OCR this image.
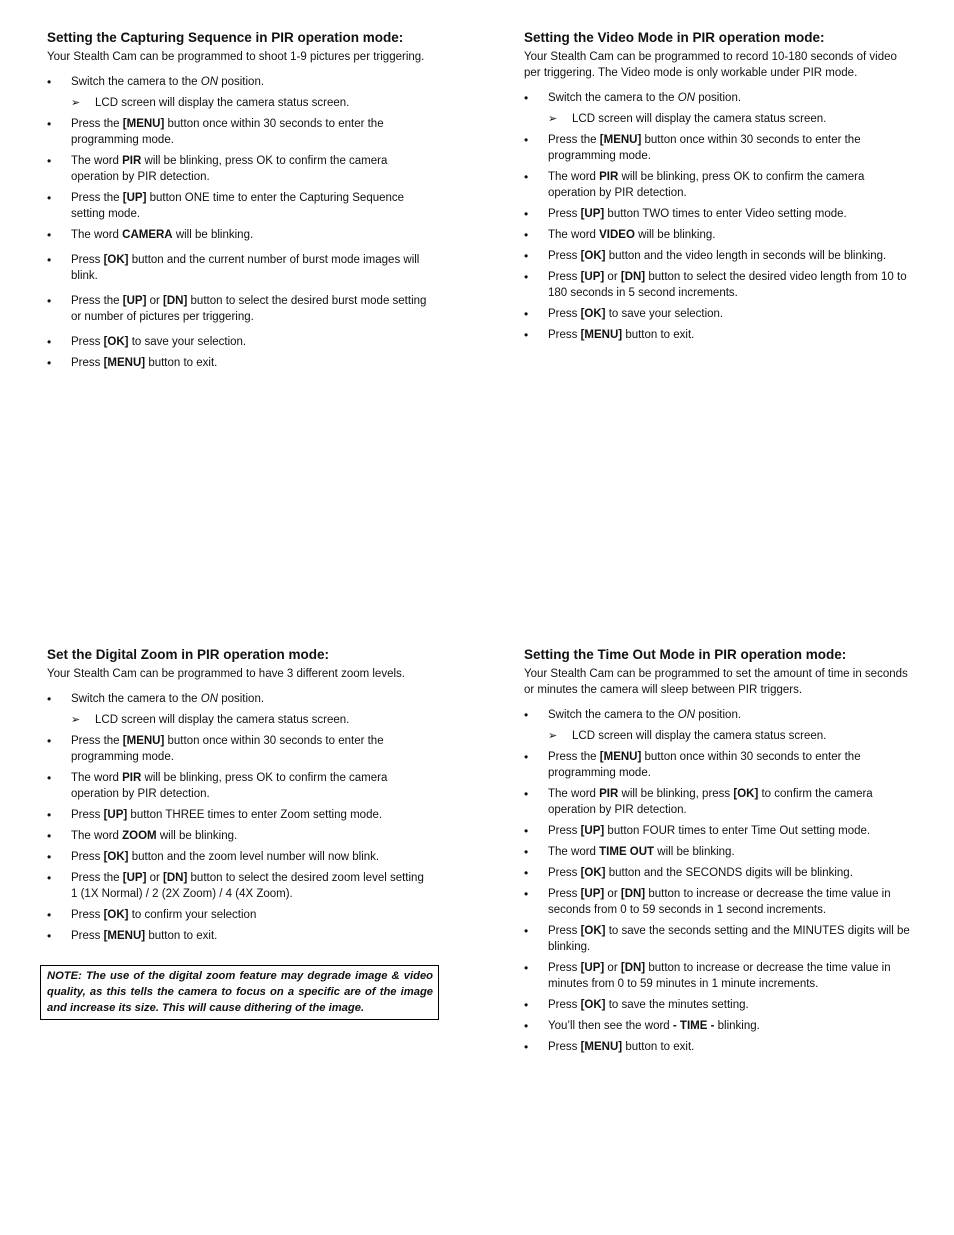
Setting the Capturing Sequence in PIR operation mode:
Your Stealth Cam can be programmed to shoot 1-9 pictures per triggering.
• Switch the camera to the ON position.
➢ LCD screen will display the camera status screen.
• Press the [MENU] button once within 30 seconds to enter the programming mode.
• The word PIR will be blinking, press OK to confirm the camera operation by PIR detection.
• Press the [UP] button ONE time to enter the Capturing Sequence setting mode.
• The word CAMERA will be blinking.
• Press [OK] button and the current number of burst mode images will blink.
• Press the [UP] or [DN] button to select the desired burst mode setting or number of pictures per triggering.
• Press [OK] to save your selection.
• Press [MENU] button to exit.
Setting the Video Mode in PIR operation mode:
Your Stealth Cam can be programmed to record 10-180 seconds of video per triggering. The Video mode is only workable under PIR mode.
• Switch the camera to the ON position.
➢ LCD screen will display the camera status screen.
• Press the [MENU] button once within 30 seconds to enter the programming mode.
• The word PIR will be blinking, press OK to confirm the camera operation by PIR detection.
• Press [UP] button TWO times to enter Video setting mode.
• The word VIDEO will be blinking.
• Press [OK] button and the video length in seconds will be blinking.
• Press [UP] or [DN] button to select the desired video length from 10 to 180 seconds in 5 second increments.
• Press [OK] to save your selection.
• Press [MENU] button to exit.
Set the Digital Zoom in PIR operation mode:
Your Stealth Cam can be programmed to have 3 different zoom levels.
• Switch the camera to the ON position.
➢ LCD screen will display the camera status screen.
• Press the [MENU] button once within 30 seconds to enter the programming mode.
• The word PIR will be blinking, press OK to confirm the camera operation by PIR detection.
• Press [UP] button THREE times to enter Zoom setting mode.
• The word ZOOM will be blinking.
• Press [OK] button and the zoom level number will now blink.
• Press the [UP] or [DN] button to select the desired zoom level setting 1 (1X Normal) / 2 (2X Zoom) / 4 (4X Zoom).
• Press [OK] to confirm your selection
• Press [MENU] button to exit.
NOTE: The use of the digital zoom feature may degrade image & video quality, as this tells the camera to focus on a specific are of the image and increase its size. This will cause dithering of the image.
Setting the Time Out Mode in PIR operation mode:
Your Stealth Cam can be programmed to set the amount of time in seconds or minutes the camera will sleep between PIR triggers.
• Switch the camera to the ON position.
➢ LCD screen will display the camera status screen.
• Press the [MENU] button once within 30 seconds to enter the programming mode.
• The word PIR will be blinking, press [OK] to confirm the camera operation by PIR detection.
• Press [UP] button FOUR times to enter Time Out setting mode.
• The word TIME OUT will be blinking.
• Press [OK] button and the SECONDS digits will be blinking.
• Press [UP] or [DN] button to increase or decrease the time value in seconds from 0 to 59 seconds in 1 second increments.
• Press [OK] to save the seconds setting and the MINUTES digits will be blinking.
• Press [UP] or [DN] button to increase or decrease the time value in minutes from 0 to 59 minutes in 1 minute increments.
• Press [OK] to save the minutes setting.
• You’ll then see the word - TIME - blinking.
• Press [MENU] button to exit.
